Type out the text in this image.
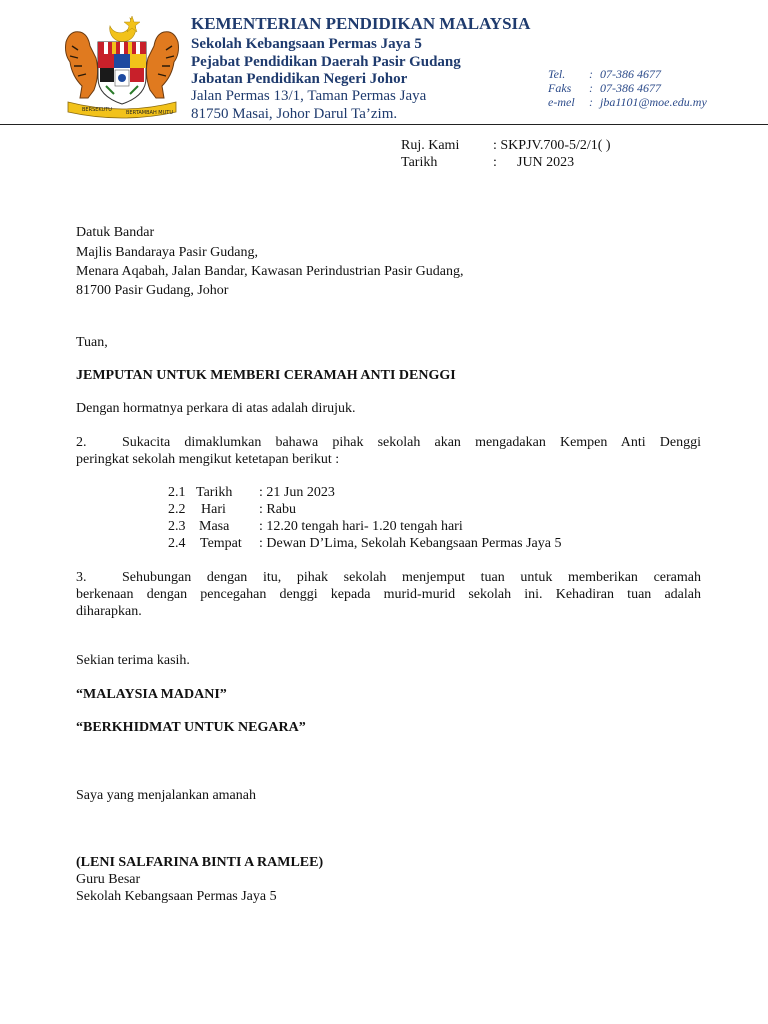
BERSEKUTU	BERTAMBAH MUTU
KEMENTERIAN PENDIDIKAN MALAYSIA
Sekolah Kebangsaan Permas Jaya 5
Pejabat Pendidikan Daerah Pasir Gudang
Jabatan Pendidikan Negeri Johor
Jalan Permas 13/1, Taman Permas Jaya
81750 Masai, Johor Darul Ta’zim.
Tel. : 07-386 4677
Faks : 07-386 4677
e-mel : jba1101@moe.edu.my
Ruj. Kami : SKPJV.700-5/2/1( )
Tarikh	: JUN 2023
Datuk Bandar
Majlis Bandaraya Pasir Gudang,
Menara Aqabah, Jalan Bandar, Kawasan Perindustrian Pasir Gudang,
81700 Pasir Gudang, Johor
Tuan,
JEMPUTAN UNTUK MEMBERI CERAMAH ANTI DENGGI
Dengan hormatnya perkara di atas adalah dirujuk.
2.	Sukacita dimaklumkan bahawa pihak sekolah akan mengadakan Kempen Anti Denggi
peringkat sekolah mengikut ketetapan berikut :
2.1 Tarikh : 21 Jun 2023
2.2 Hari : Rabu
2.3 Masa : 12.20 tengah hari- 1.20 tengah hari
2.4 Tempat : Dewan D’Lima, Sekolah Kebangsaan Permas Jaya 5
3.	Sehubungan dengan itu, pihak sekolah menjemput tuan untuk memberikan ceramah
berkenaan dengan pencegahan denggi kepada murid-murid sekolah ini. Kehadiran tuan adalah
diharapkan.
Sekian terima kasih.
“MALAYSIA MADANI”
“BERKHIDMAT UNTUK NEGARA”
Saya yang menjalankan amanah
(LENI SALFARINA BINTI A RAMLEE)
Guru Besar
Sekolah Kebangsaan Permas Jaya 5
